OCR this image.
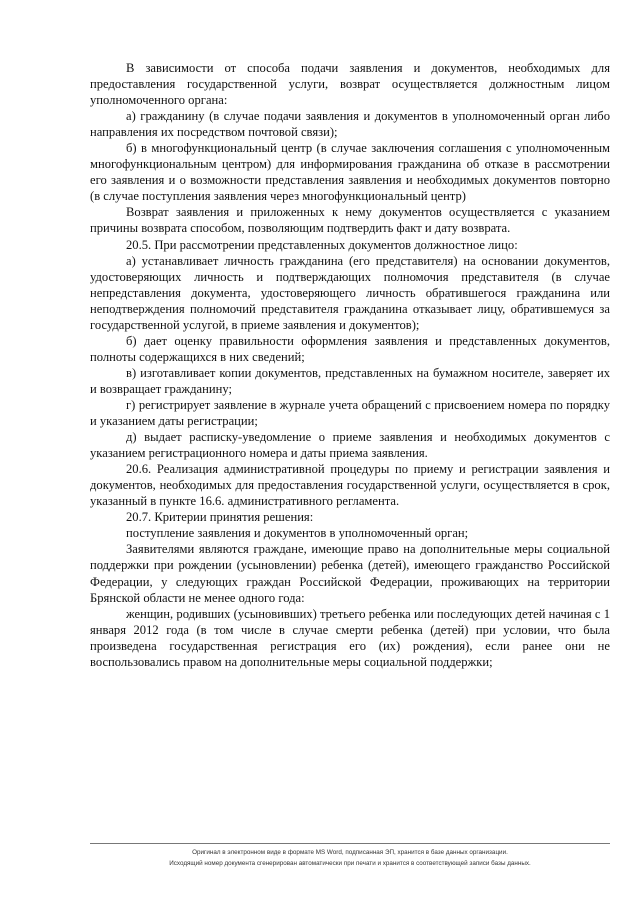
В зависимости от способа подачи заявления и документов, необходимых для предоставления государственной услуги, возврат осуществляется должностным лицом уполномоченного органа:

а) гражданину (в случае подачи заявления и документов в уполномоченный орган либо направления их посредством почтовой связи);

б) в многофункциональный центр (в случае заключения соглашения с уполномоченным многофункциональным центром) для информирования гражданина об отказе в рассмотрении его заявления и о возможности представления заявления и необходимых документов повторно (в случае поступления заявления через многофункциональный центр)

Возврат заявления и приложенных к нему документов осуществляется с указанием причины возврата способом, позволяющим подтвердить факт и дату возврата.

20.5. При рассмотрении представленных документов должностное лицо:

а) устанавливает личность гражданина (его представителя) на основании документов, удостоверяющих личность и подтверждающих полномочия представителя (в случае непредставления документа, удостоверяющего личность обратившегося гражданина или неподтверждения полномочий представителя гражданина отказывает лицу, обратившемуся за государственной услугой, в приеме заявления и документов);

б) дает оценку правильности оформления заявления и представленных документов, полноты содержащихся в них сведений;

в) изготавливает копии документов, представленных на бумажном носителе, заверяет их и возвращает гражданину;

г) регистрирует заявление в журнале учета обращений с присвоением номера по порядку и указанием даты регистрации;

д) выдает расписку-уведомление о приеме заявления и необходимых документов с указанием регистрационного номера и даты приема заявления.

20.6. Реализация административной процедуры по приему и регистрации заявления и документов, необходимых для предоставления государственной услуги, осуществляется в срок, указанный в пункте 16.6. административного регламента.

20.7. Критерии принятия решения:

поступление заявления и документов в уполномоченный орган;

Заявителями являются граждане, имеющие право на дополнительные меры социальной поддержки при рождении (усыновлении) ребенка (детей), имеющего гражданство Российской Федерации, у следующих граждан Российской Федерации, проживающих на территории Брянской области не менее одного года:

женщин, родивших (усыновивших) третьего ребенка или последующих детей начиная с 1 января 2012 года (в том числе в случае смерти ребенка (детей) при условии, что была произведена государственная регистрация его (их) рождения), если ранее они не воспользовались правом на дополнительные меры социальной поддержки;

Оригинал в электронном виде в формате MS Word, подписанная ЭП, хранится в базе данных организации.
Исходящий номер документа сгенерирован автоматически при печати и хранится в соответствующей записи базы данных.
